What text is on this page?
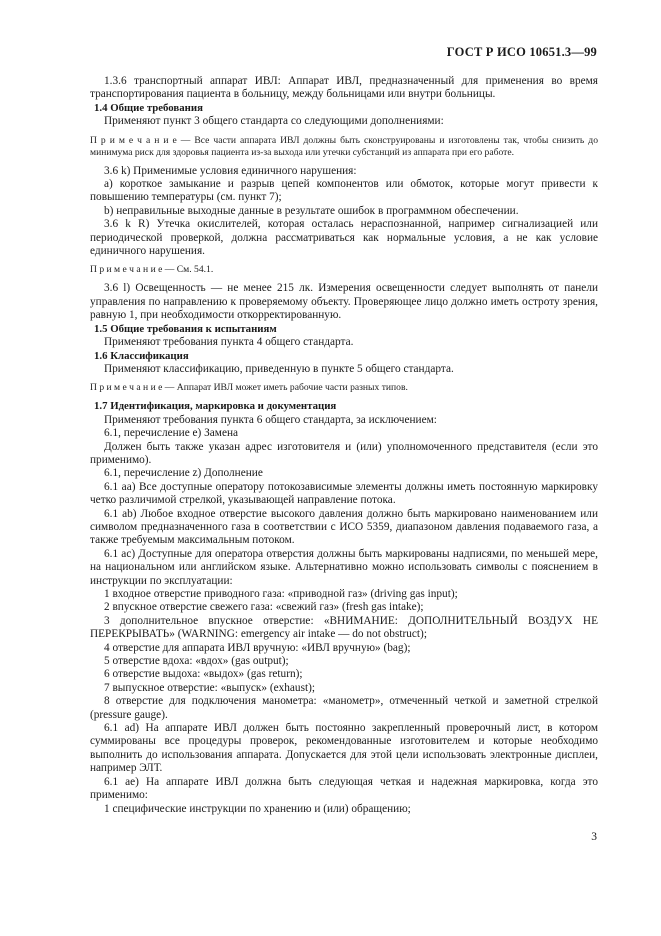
ГОСТ Р ИСО 10651.3—99

1.3.6 транспортный аппарат ИВЛ: Аппарат ИВЛ, предназначенный для применения во время транспортирования пациента в больницу, между больницами или внутри больницы.

1.4 Общие требования

Применяют пункт 3 общего стандарта со следующими дополнениями:

П р и м е ч а н и е — Все части аппарата ИВЛ должны быть сконструированы и изготовлены так, чтобы снизить до минимума риск для здоровья пациента из-за выхода или утечки субстанций из аппарата при его работе.

3.6 k) Применимые условия единичного нарушения:

а) короткое замыкание и разрыв цепей компонентов или обмоток, которые могут привести к повышению температуры (см. пункт 7);

b) неправильные выходные данные в результате ошибок в программном обеспечении.

3.6 k R) Утечка окислителей, которая осталась нераспознанной, например сигнализацией или периодической проверкой, должна рассматриваться как нормальные условия, а не как условие единичного нарушения.

П р и м е ч а н и е — См. 54.1.

3.6 l) Освещенность — не менее 215 лк. Измерения освещенности следует выполнять от панели управления по направлению к проверяемому объекту. Проверяющее лицо должно иметь остроту зрения, равную 1, при необходимости откорректированную.

1.5 Общие требования к испытаниям

Применяют требования пункта 4 общего стандарта.

1.6 Классификация

Применяют классификацию, приведенную в пункте 5 общего стандарта.

П р и м е ч а н и е — Аппарат ИВЛ может иметь рабочие части разных типов.

1.7 Идентификация, маркировка и документация

Применяют требования пункта 6 общего стандарта, за исключением:

6.1, перечисление e) Замена

Должен быть также указан адрес изготовителя и (или) уполномоченного представителя (если это применимо).

6.1, перечисление z) Дополнение

6.1 aa) Все доступные оператору потокозависимые элементы должны иметь постоянную маркировку четко различимой стрелкой, указывающей направление потока.

6.1 ab) Любое входное отверстие высокого давления должно быть маркировано наименованием или символом предназначенного газа в соответствии с ИСО 5359, диапазоном давления подаваемого газа, а также требуемым максимальным потоком.

6.1 ac) Доступные для оператора отверстия должны быть маркированы надписями, по меньшей мере, на национальном или английском языке. Альтернативно можно использовать символы с пояснением в инструкции по эксплуатации:

1 входное отверстие приводного газа: «приводной газ» (driving gas input);

2 впускное отверстие свежего газа: «свежий газ» (fresh gas intake);

3 дополнительное впускное отверстие: «ВНИМАНИЕ: ДОПОЛНИТЕЛЬНЫЙ ВОЗДУХ НЕ ПЕРЕКРЫВАТЬ» (WARNING: emergency air intake — do not obstruct);

4 отверстие для аппарата ИВЛ вручную: «ИВЛ вручную» (bag);

5 отверстие вдоха: «вдох» (gas output);

6 отверстие выдоха: «выдох» (gas return);

7 выпускное отверстие: «выпуск» (exhaust);

8 отверстие для подключения манометра: «манометр», отмеченный четкой и заметной стрелкой (pressure gauge).

6.1 ad) На аппарате ИВЛ должен быть постоянно закрепленный проверочный лист, в котором суммированы все процедуры проверок, рекомендованные изготовителем и которые необходимо выполнить до использования аппарата. Допускается для этой цели использовать электронные дисплеи, например ЭЛТ.

6.1 ae) На аппарате ИВЛ должна быть следующая четкая и надежная маркировка, когда это применимо:

1 специфические инструкции по хранению и (или) обращению;

3
